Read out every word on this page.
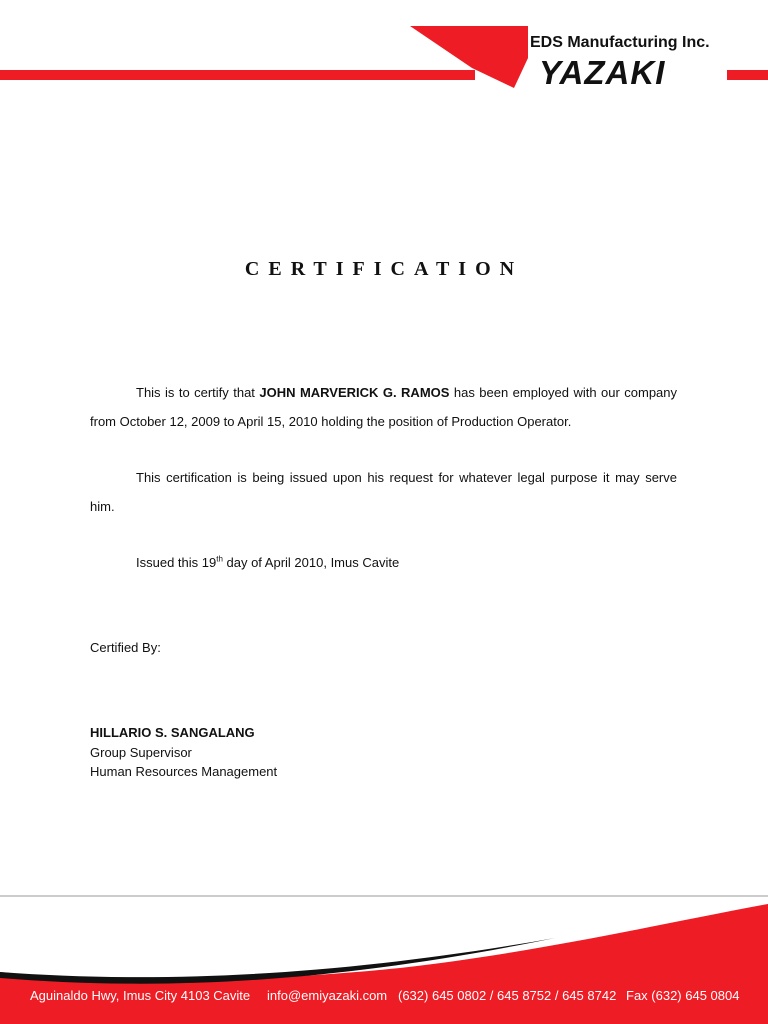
EDS Manufacturing Inc.
YAZAKI
CERTIFICATION

This is to certify that JOHN MARVERICK G. RAMOS has been employed with our company from October 12, 2009 to April 15, 2010 holding the position of Production Operator.

This certification is being issued upon his request for whatever legal purpose it may serve him.

Issued this 19th day of April 2010, Imus Cavite

Certified By:
HILLARIO S. SANGALANG
Group Supervisor
Human Resources Management
Aguinaldo Hwy, Imus City 4103 Cavite info@emiyazaki.com (632) 645 0802 / 645 8752 / 645 8742 Fax (632) 645 0804
